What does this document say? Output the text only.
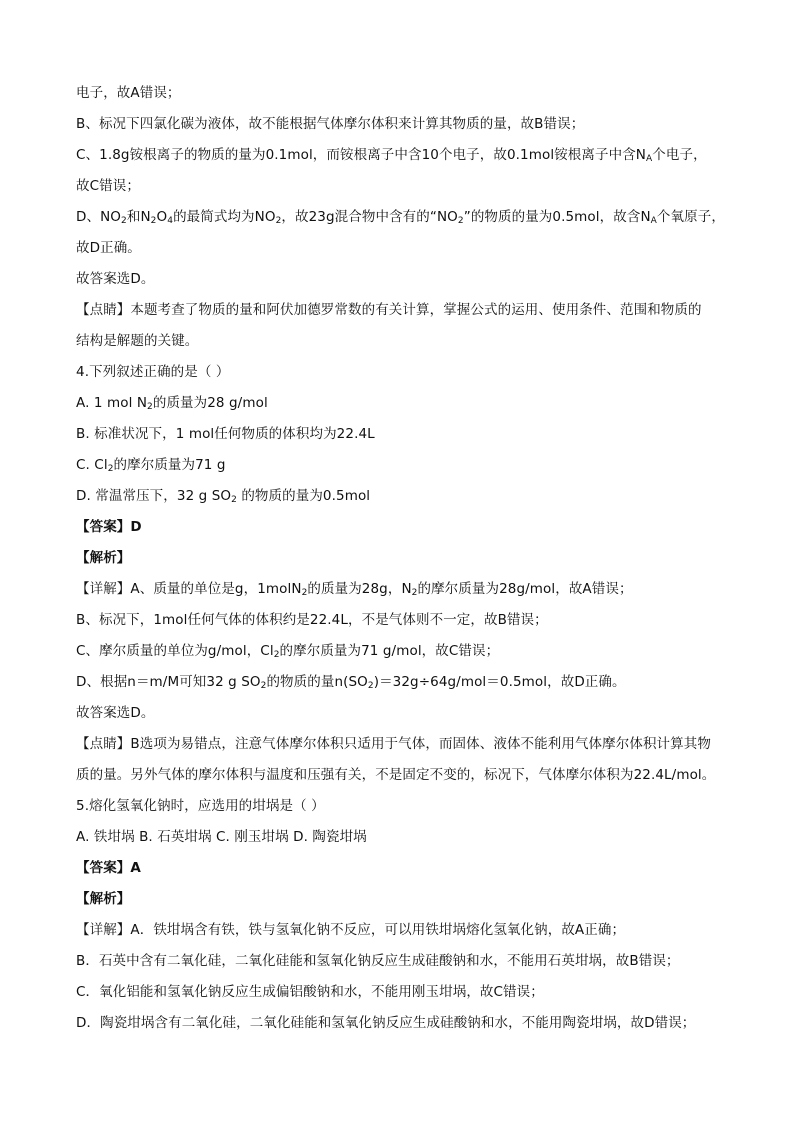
电子，故A错误；
B、标况下四氯化碳为液体，故不能根据气体摩尔体积来计算其物质的量，故B错误；
C、1.8g铵根离子的物质的量为0.1mol，而铵根离子中含10个电子，故0.1mol铵根离子中含$N_A$个电子，
故C错误；
D、$NO_2$和$N_2O_4$的最简式均为$NO_2$，故23g混合物中含有的“$NO_2$”的物质的量为0.5mol，故含$N_A$个氧原子，
故D正确。
故答案选D。
【点睛】本题考查了物质的量和阿伏加德罗常数的有关计算，掌握公式的运用、使用条件、范围和物质的
结构是解题的关键。
4.下列叙述正确的是（ ）
A. 1 mol $N_2$的质量为28 g/mol
B. 标准状况下，1 mol任何物质的体积均为22.4L
C. $Cl_2$的摩尔质量为71 g
D. 常温常压下，32 g $SO_2$ 的物质的量为0.5mol
【答案】D
【解析】
【详解】A、质量的单位是g，1molN$_2$的质量为28g，$N_2$的摩尔质量为28g/mol，故A错误；
B、标况下，1mol任何气体的体积约是22.4L，不是气体则不一定，故B错误；
C、摩尔质量的单位为g/mol，$Cl_2$的摩尔质量为71 g/mol，故C错误；
D、根据n＝m/M可知32 g $SO_2$的物质的量$n(SO_2)=32g\div 64g/mol=0.5mol$，故D正确。
故答案选D。
【点睛】B选项为易错点，注意气体摩尔体积只适用于气体，而固体、液体不能利用气体摩尔体积计算其物
质的量。另外气体的摩尔体积与温度和压强有关，不是固定不变的，标况下，气体摩尔体积为22.4L/mol。
5.熔化氢氧化钠时，应选用的坩埚是（ ）
A. 铁坩埚 B. 石英坩埚 C. 刚玉坩埚 D. 陶瓷坩埚
【答案】A
【解析】
【详解】A．铁坩埚含有铁，铁与氢氧化钠不反应，可以用铁坩埚熔化氢氧化钠，故A正确；
B．石英中含有二氧化硅，二氧化硅能和氢氧化钠反应生成硅酸钠和水，不能用石英坩埚，故B错误；
C．氧化铝能和氢氧化钠反应生成偏铝酸钠和水，不能用刚玉坩埚，故C错误；
D．陶瓷坩埚含有二氧化硅，二氧化硅能和氢氧化钠反应生成硅酸钠和水，不能用陶瓷坩埚，故D错误；
